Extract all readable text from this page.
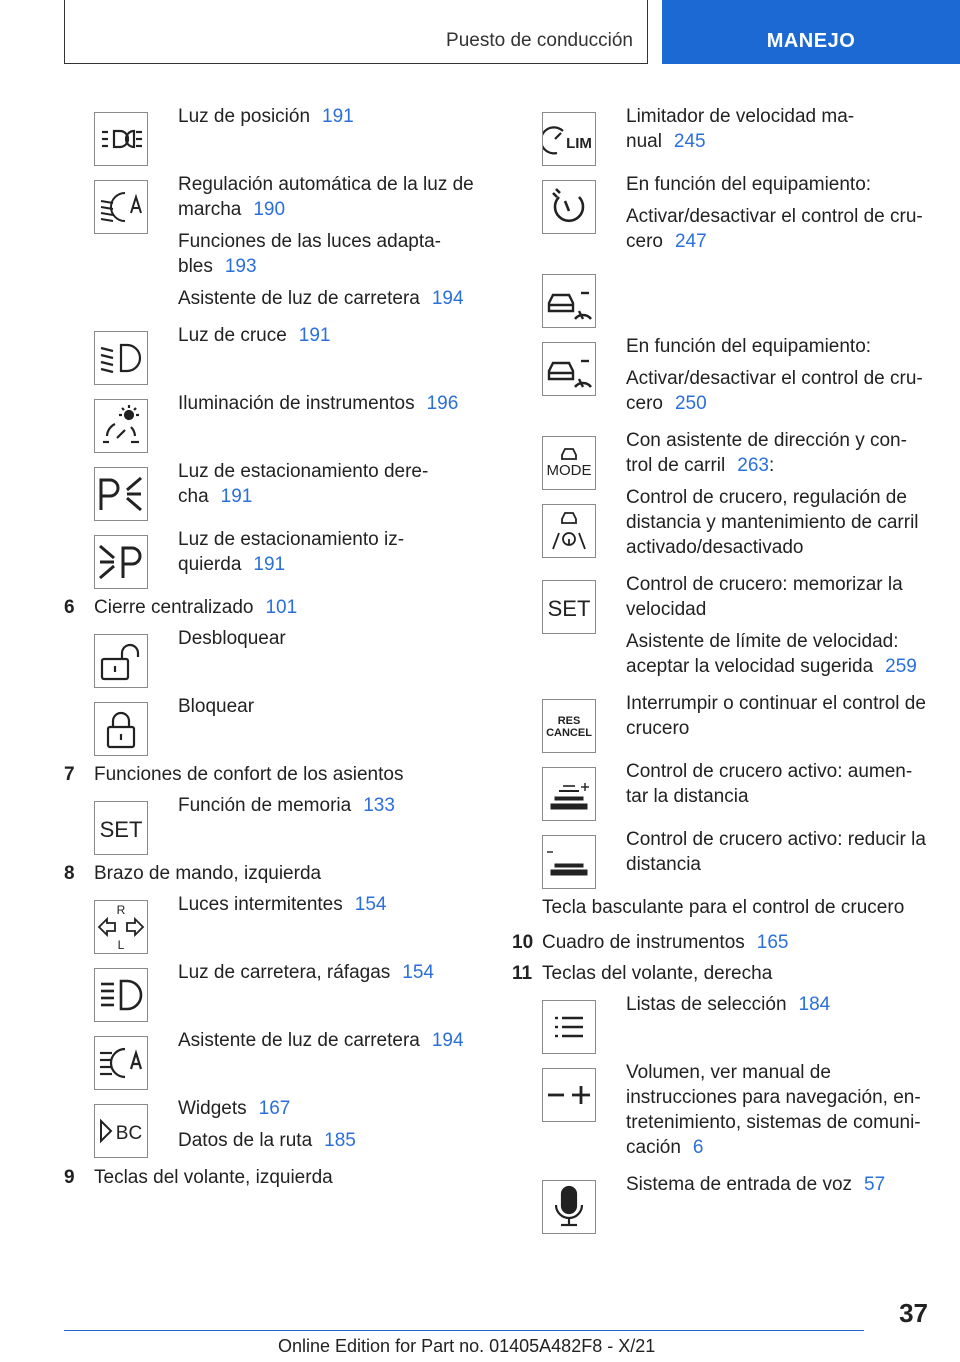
Puesto de conducción	MANEJO
Luz de posición 191
Regulación automática de la luz de marcha 190
Funciones de las luces adapta-bles 193
Asistente de luz de carretera 194
Luz de cruce 191
Iluminación de instrumentos 196
Luz de estacionamiento dere-cha 191
Luz de estacionamiento iz-quierda 191
6	Cierre centralizado 101
Desbloquear
Bloquear
7	Funciones de confort de los asientos
SET
Función de memoria 133
8	Brazo de mando, izquierda
R
L
Luces intermitentes 154
Luz de carretera, ráfagas 154
Asistente de luz de carretera 194
BC
Widgets 167
Datos de la ruta 185
9	Teclas del volante, izquierda
LIM
Limitador de velocidad ma-nual 245
En función del equipamiento:
Activar/desactivar el control de cru-cero 247
En función del equipamiento:
Activar/desactivar el control de cru-cero 250
MODE
Con asistente de dirección y con-trol de carril 263:
Control de crucero, regulación de distancia y mantenimiento de carril activado/desactivado
SET
Control de crucero: memorizar la velocidad
Asistente de límite de velocidad: aceptar la velocidad sugerida 259
RES
CANCEL
Interrumpir o continuar el control de crucero
Control de crucero activo: aumen-tar la distancia
Control de crucero activo: reducir la distancia
Tecla basculante para el control de crucero
10 Cuadro de instrumentos 165
11 Teclas del volante, derecha
Listas de selección 184
Volumen, ver manual de instrucciones para navegación, en-tretenimiento, sistemas de comuni-cación 6
Sistema de entrada de voz 57
37
Online Edition for Part no. 01405A482F8 - X/21
